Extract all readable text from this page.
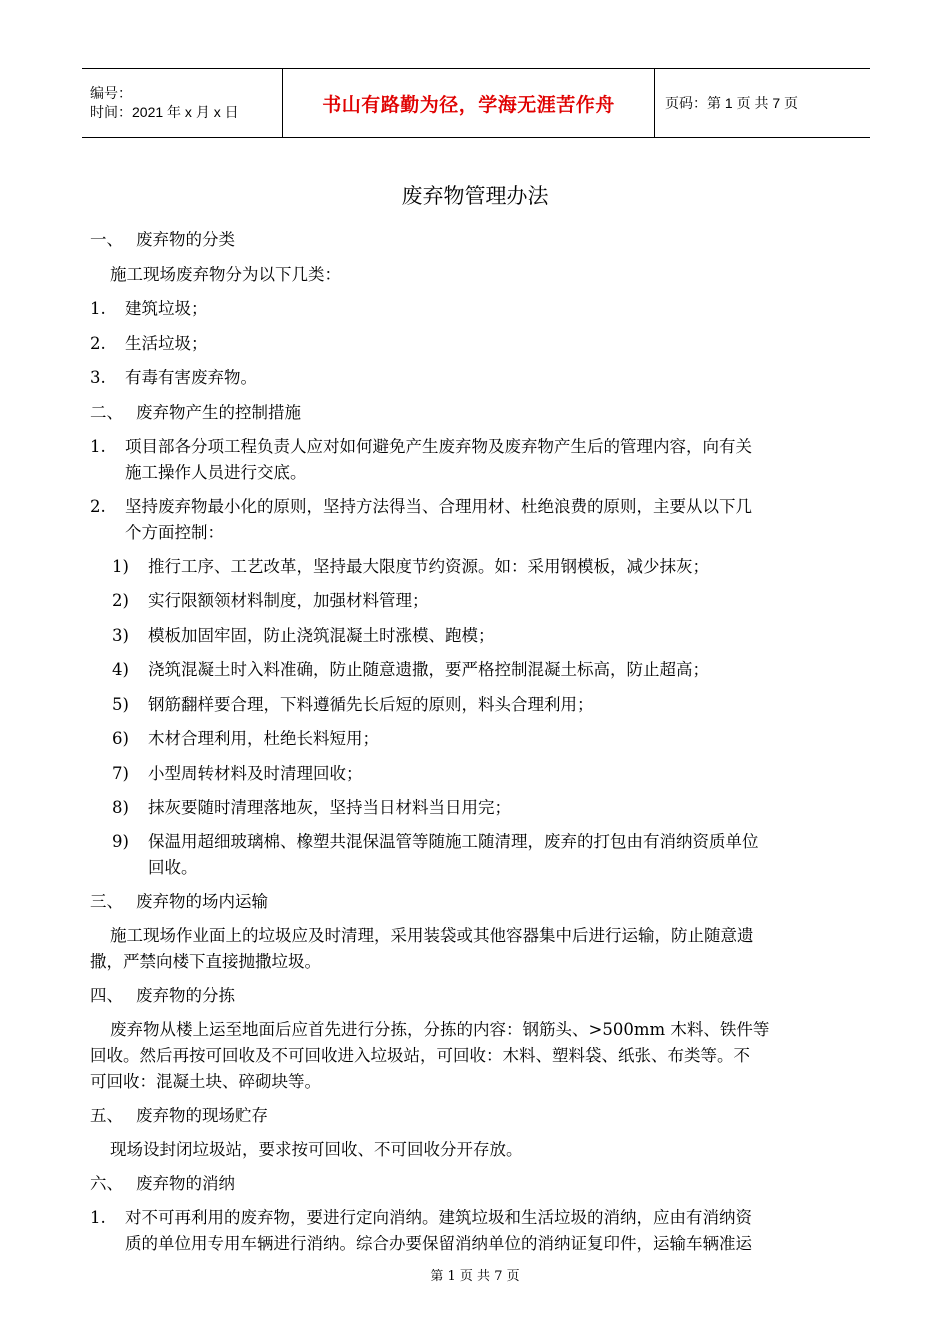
编号：
时间：2021 年 x 月 x 日	书山有路勤为径，学海无涯苦作舟	页码：第 1 页 共 7 页
废弃物管理办法
一、 废弃物的分类
施工现场废弃物分为以下几类：
1. 建筑垃圾；
2. 生活垃圾；
3. 有毒有害废弃物。
二、 废弃物产生的控制措施
1. 项目部各分项工程负责人应对如何避免产生废弃物及废弃物产生后的管理内容，向有关
施工操作人员进行交底。
2. 坚持废弃物最小化的原则，坚持方法得当、合理用材、杜绝浪费的原则，主要从以下几
个方面控制：
1) 推行工序、工艺改革，坚持最大限度节约资源。如：采用钢模板，减少抹灰；
2) 实行限额领材料制度，加强材料管理；
3) 模板加固牢固，防止浇筑混凝土时涨模、跑模；
4) 浇筑混凝土时入料准确，防止随意遗撒，要严格控制混凝土标高，防止超高；
5) 钢筋翻样要合理，下料遵循先长后短的原则，料头合理利用；
6) 木材合理利用，杜绝长料短用；
7) 小型周转材料及时清理回收；
8) 抹灰要随时清理落地灰，坚持当日材料当日用完；
9) 保温用超细玻璃棉、橡塑共混保温管等随施工随清理，废弃的打包由有消纳资质单位
回收。
三、 废弃物的场内运输
施工现场作业面上的垃圾应及时清理，采用装袋或其他容器集中后进行运输，防止随意遗
撒，严禁向楼下直接抛撒垃圾。
四、 废弃物的分拣
废弃物从楼上运至地面后应首先进行分拣，分拣的内容：钢筋头、>500mm 木料、铁件等
回收。然后再按可回收及不可回收进入垃圾站，可回收：木料、塑料袋、纸张、布类等。不
可回收：混凝土块、碎砌块等。
五、 废弃物的现场贮存
现场设封闭垃圾站，要求按可回收、不可回收分开存放。
六、 废弃物的消纳
1. 对不可再利用的废弃物，要进行定向消纳。建筑垃圾和生活垃圾的消纳，应由有消纳资
质的单位用专用车辆进行消纳。综合办要保留消纳单位的消纳证复印件，运输车辆准运
第 1 页 共 7 页
